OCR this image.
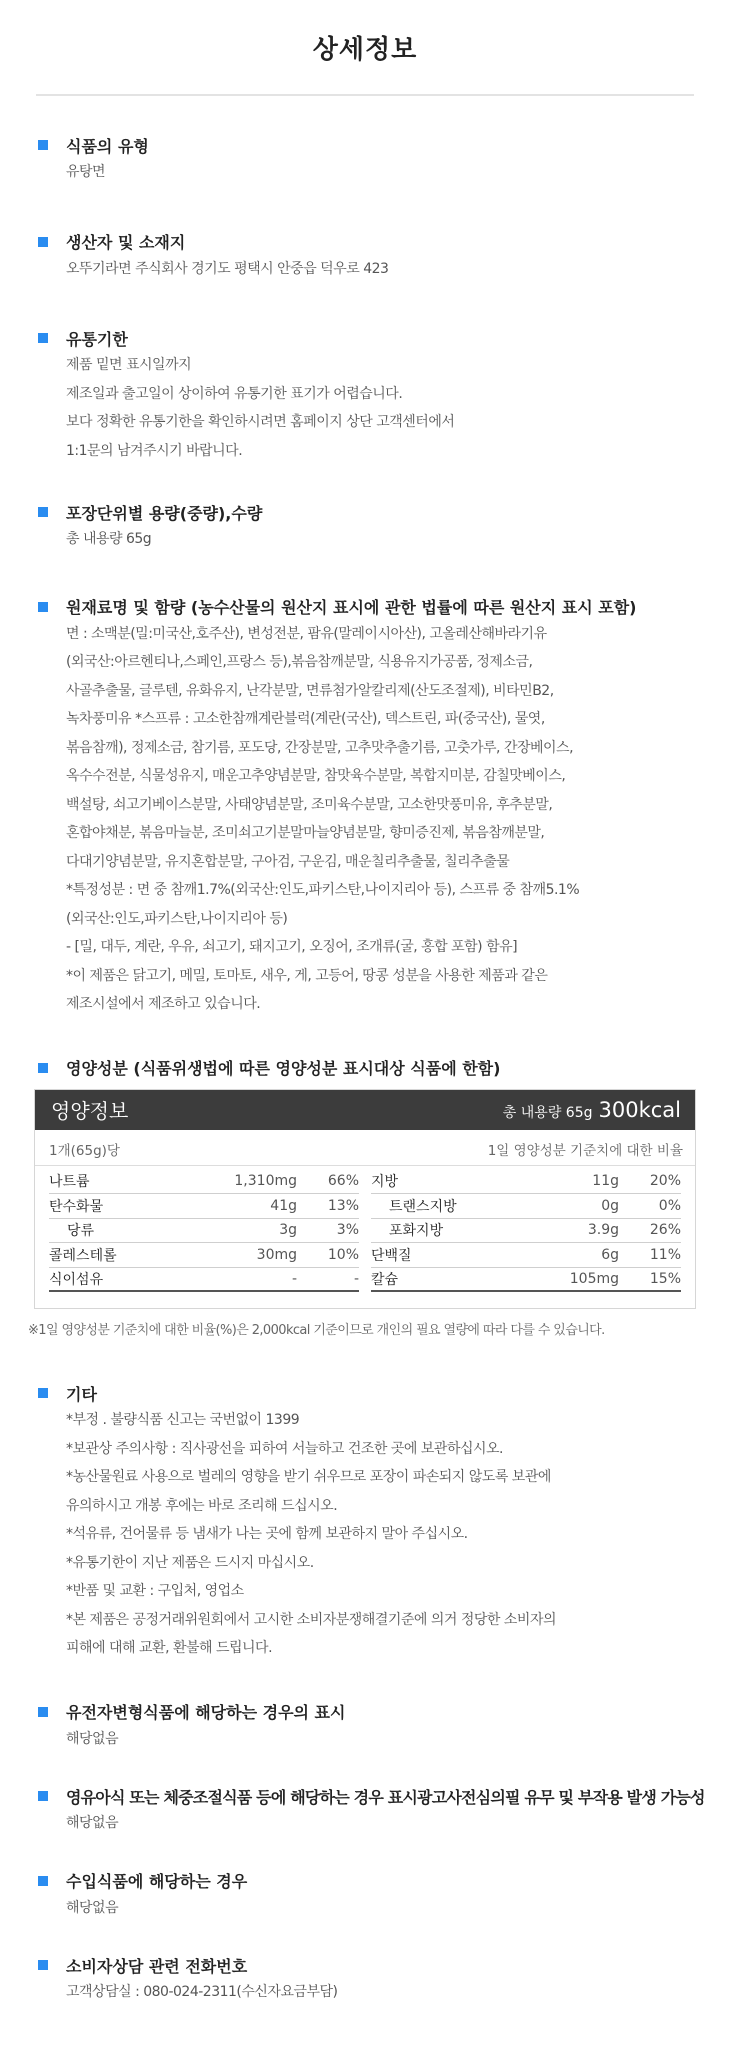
상세정보
식품의 유형
유탕면
생산자 및 소재지
오뚜기라면 주식회사 경기도 평택시 안중읍 덕우로 423
유통기한
제품 밑면 표시일까지
제조일과 출고일이 상이하여 유통기한 표기가 어렵습니다.
보다 정확한 유통기한을 확인하시려면 홈페이지 상단 고객센터에서
1:1문의 남겨주시기 바랍니다.
포장단위별 용량(중량),수량
총 내용량 65g
원재료명 및 함량 (농수산물의 원산지 표시에 관한 법률에 따른 원산지 표시 포함)
면 : 소맥분(밀:미국산,호주산), 변성전분, 팜유(말레이시아산), 고올레산해바라기유
(외국산:아르헨티나,스페인,프랑스 등),볶음참깨분말, 식용유지가공품, 정제소금,
사골추출물, 글루텐, 유화유지, 난각분말, 면류첨가알칼리제(산도조절제), 비타민B2,
녹차풍미유 *스프류 : 고소한참깨계란블럭(계란(국산), 덱스트린, 파(중국산), 물엿,
볶음참깨), 정제소금, 참기름, 포도당, 간장분말, 고추맛추출기름, 고춧가루, 간장베이스,
옥수수전분, 식물성유지, 매운고추양념분말, 참맛육수분말, 복합지미분, 감칠맛베이스,
백설탕, 쇠고기베이스분말, 사태양념분말, 조미육수분말, 고소한맛풍미유, 후추분말,
혼합야채분, 볶음마늘분, 조미쇠고기분말마늘양념분말, 향미증진제, 볶음참깨분말,
다대기양념분말, 유지혼합분말, 구아검, 구운김, 매운칠리추출물, 칠리추출물
*특정성분 : 면 중 참깨1.7%(외국산:인도,파키스탄,나이지리아 등), 스프류 중 참깨5.1%
(외국산:인도,파키스탄,나이지리아 등)
- [밀, 대두, 계란, 우유, 쇠고기, 돼지고기, 오징어, 조개류(굴, 홍합 포함) 함유]
*이 제품은 닭고기, 메밀, 토마토, 새우, 게, 고등어, 땅콩 성분을 사용한 제품과 같은
제조시설에서 제조하고 있습니다.
영양성분 (식품위생법에 따른 영양성분 표시대상 식품에 한함)
영양정보	총 내용량 65g 300kcal
1개(65g)당	1일 영양성분 기준치에 대한 비율
나트륨	1,310mg	66%
탄수화물	41g	13%
당류	3g	3%
콜레스테롤	30mg	10%
식이섬유	-	-
지방	11g	20%
트랜스지방	0g	0%
포화지방	3.9g	26%
단백질	6g	11%
칼슘	105mg	15%
※1일 영양성분 기준치에 대한 비율(%)은 2,000kcal 기준이므로 개인의 필요 열량에 따라 다를 수 있습니다.
기타
*부정 . 불량식품 신고는 국번없이 1399
*보관상 주의사항 : 직사광선을 피하여 서늘하고 건조한 곳에 보관하십시오.
*농산물원료 사용으로 벌레의 영향을 받기 쉬우므로 포장이 파손되지 않도록 보관에
유의하시고 개봉 후에는 바로 조리해 드십시오.
*석유류, 건어물류 등 냄새가 나는 곳에 함께 보관하지 말아 주십시오.
*유통기한이 지난 제품은 드시지 마십시오.
*반품 및 교환 : 구입처, 영업소
*본 제품은 공정거래위원회에서 고시한 소비자분쟁해결기준에 의거 정당한 소비자의
피해에 대해 교환, 환불해 드립니다.
유전자변형식품에 해당하는 경우의 표시
해당없음
영유아식 또는 체중조절식품 등에 해당하는 경우 표시광고사전심의필 유무 및 부작용 발생 가능성
해당없음
수입식품에 해당하는 경우
해당없음
소비자상담 관련 전화번호
고객상담실 : 080-024-2311(수신자요금부담)
